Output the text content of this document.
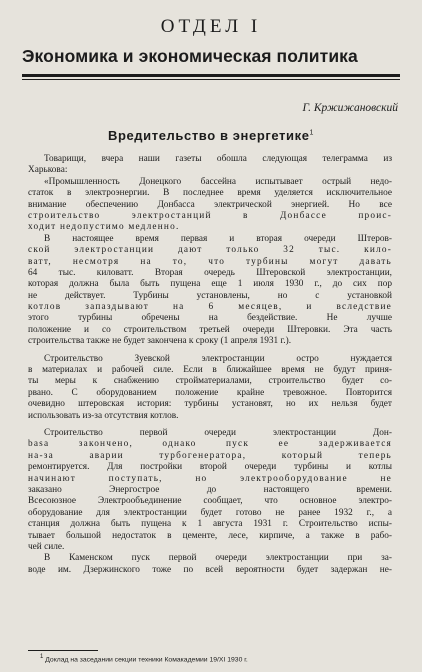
ОТДЕЛ I
Экономика и экономическая политика
Г. Кржижановский
Вредительство в энергетике$^1$
Товарищи, вчера наши газеты обошла следующая телеграмма из
Харькова:
«Промышленность Донецкого бассейна испытывает острый недо-
статок в электроэнергии. В последнее время уделяется исключительное
внимание обеспечению Донбасса электрической энергией. Но все
строительство электростанций в Донбассе проис-
ходит недопустимо медленно.
В настоящее время первая и вторая очереди Штеров-
ской электростанции дают только 32 тыс. кило-
ватт, несмотря на то, что турбины могут давать
64 тыс. киловатт. Вторая очередь Штеровской электростанции,
которая должна была быть пущена еще 1 июля 1930 г., до сих пор
не действует. Турбины установлены, но с установкой
котлов запаздывают на 6 месяцев, и вследствие
этого турбины обречены на бездействие. Не лучше
положение и со строительством третьей очереди Штеровки. Эта часть
строительства также не будет закончена к сроку (1 апреля 1931 г.).
Строительство Зуевской электростанции остро нуждается
в материалах и рабочей силе. Если в ближайшее время не будут приня-
ты меры к снабжению стройматериалами, строительство будет со-
рвано. С оборудованием положение крайне тревожное. Повторится
очевидно штеровская история: турбины установят, но их нельзя будет
использовать из-за отсутствия котлов.
Строительство первой очереди электростанции Дон-
basа закончено, однако пуск ее задерживается
на-за аварии турбогенератора, который теперь
ремонтируется. Для постройки второй очереди турбины и котлы
начинают поступать, но электрооборудование не
заказано Энергострое до настоящего времени.
Всесоюзное Электрообъединение сообщает, что основное электро-
оборудование для электростанции будет готово не ранее 1932 г., а
станция должна быть пущена к 1 августа 1931 г. Строительство испы-
тывает большой недостаток в цементе, лесе, кирпиче, а также в рабо-
чей силе.
В Каменском пуск первой очереди электростанции при за-
воде им. Дзержинского тоже по всей вероятности будет задержан не-
1 Доклад на заседании секции техники Комакадемии 19/XI 1930 г.
